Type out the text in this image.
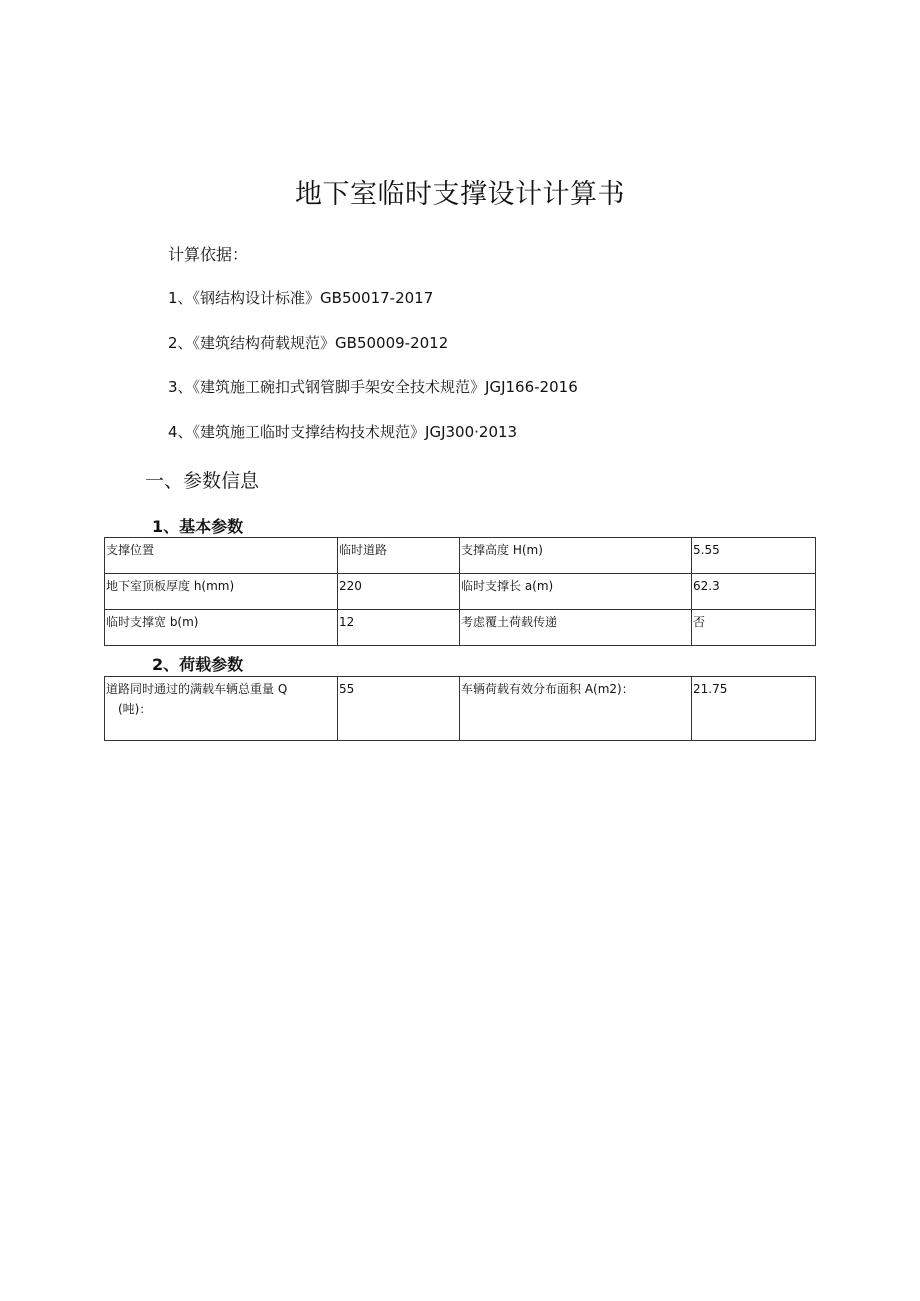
地下室临时支撑设计计算书

计算依据：

1、《钢结构设计标准》GB50017-2017

2、《建筑结构荷载规范》GB50009-2012

3、《建筑施工碗扣式钢管脚手架安全技术规范》JGJ166-2016

4、《建筑施工临时支撑结构技术规范》JGJ300·2013

一、参数信息

1、基本参数

支撑位置	临时道路	支撑高度 H(m)	5.55
地下室顶板厚度 h(mm)	220	临时支撑长 a(m)	62.3
临时支撑宽 b(m)	12	考虑覆土荷载传递	否

2、荷载参数

道路同时通过的满载车辆总重量 Q
(吨)：
	55	车辆荷载有效分布面积 A(m2)：	21.75
